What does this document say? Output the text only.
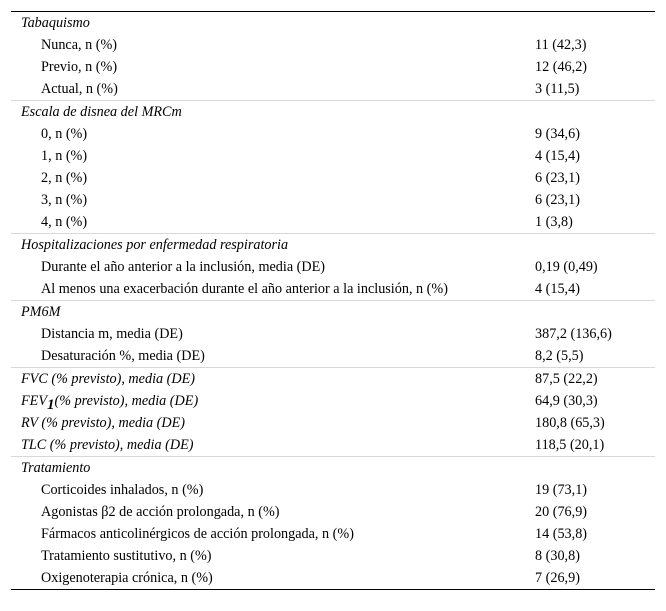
Tabaquismo	
Nunca, n (%)	11 (42,3)
Previo, n (%)	12 (46,2)
Actual, n (%)	3 (11,5)
Escala de disnea del MRCm	
0, n (%)	9 (34,6)
1, n (%)	4 (15,4)
2, n (%)	6 (23,1)
3, n (%)	6 (23,1)
4, n (%)	1 (3,8)
Hospitalizaciones por enfermedad respiratoria	
Durante el año anterior a la inclusión, media (DE)	0,19 (0,49)
Al menos una exacerbación durante el año anterior a la inclusión, n (%)	4 (15,4)
PM6M	
Distancia m, media (DE)	387,2 (136,6)
Desaturación %, media (DE)	8,2 (5,5)
FVC (% previsto), media (DE)	87,5 (22,2)
$FEV_1(\%$ previsto), media (DE)	64,9 (30,3)
RV (% previsto), media (DE)	180,8 (65,3)
TLC (% previsto), media (DE)	118,5 (20,1)
Tratamiento	
Corticoides inhalados, n (%)	19 (73,1)
Agonistas β2 de acción prolongada, n (%)	20 (76,9)
Fármacos anticolinérgicos de acción prolongada, n (%)	14 (53,8)
Tratamiento sustitutivo, n (%)	8 (30,8)
Oxigenoterapia crónica, n (%)	7 (26,9)
